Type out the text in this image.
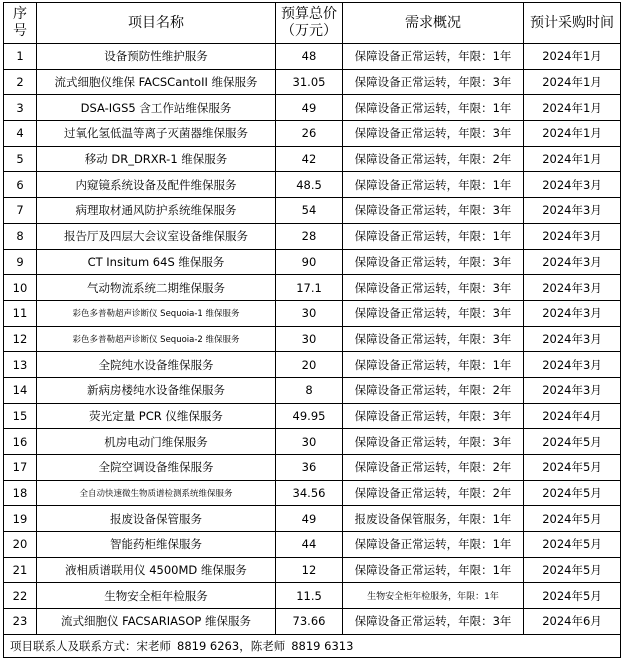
序号	项目名称	预算总价（万元）	需求概况	预计采购时间
1	设备预防性维护服务	48	保障设备正常运转，年限：1年	2024年1月
2	流式细胞仪维保 FACSCantoII 维保服务	31.05	保障设备正常运转，年限：3年	2024年1月
3	DSA-IGS5 含工作站维保服务	49	保障设备正常运转，年限：1年	2024年1月
4	过氧化氢低温等离子灭菌器维保服务	26	保障设备正常运转，年限：3年	2024年1月
5	移动 DR_DRXR-1 维保服务	42	保障设备正常运转，年限：2年	2024年1月
6	内窥镜系统设备及配件维保服务	48.5	保障设备正常运转，年限：1年	2024年3月
7	病理取材通风防护系统维保服务	54	保障设备正常运转，年限：3年	2024年3月
8	报告厅及四层大会议室设备维保服务	28	保障设备正常运转，年限：1年	2024年3月
9	CT Insitum 64S 维保服务	90	保障设备正常运转，年限：3年	2024年3月
10	气动物流系统二期维保服务	17.1	保障设备正常运转，年限：3年	2024年3月
11	彩色多普勒超声诊断仪 Sequoia-1 维保服务	30	保障设备正常运转，年限：3年	2024年3月
12	彩色多普勒超声诊断仪 Sequoia-2 维保服务	30	保障设备正常运转，年限：3年	2024年3月
13	全院纯水设备维保服务	20	保障设备正常运转，年限：1年	2024年3月
14	新病房楼纯水设备维保服务	8	保障设备正常运转，年限：2年	2024年3月
15	荧光定量 PCR 仪维保服务	49.95	保障设备正常运转，年限：3年	2024年4月
16	机房电动门维保服务	30	保障设备正常运转，年限：3年	2024年5月
17	全院空调设备维保服务	36	保障设备正常运转，年限：2年	2024年5月
18	全自动快速微生物质谱检测系统维保服务	34.56	保障设备正常运转，年限：2年	2024年5月
19	报废设备保管服务	49	报废设备保管服务，年限：1年	2024年5月
20	智能药柜维保服务	44	保障设备正常运转，年限：1年	2024年5月
21	液相质谱联用仪 4500MD 维保服务	12	保障设备正常运转，年限：1年	2024年5月
22	生物安全柜年检服务	11.5	生物安全柜年检服务，年限：1年	2024年5月
23	流式细胞仪 FACSARIASOP 维保服务	73.66	保障设备正常运转，年限：3年	2024年6月
项目联系人及联系方式：宋老师 8819 6263，陈老师 8819 6313				
